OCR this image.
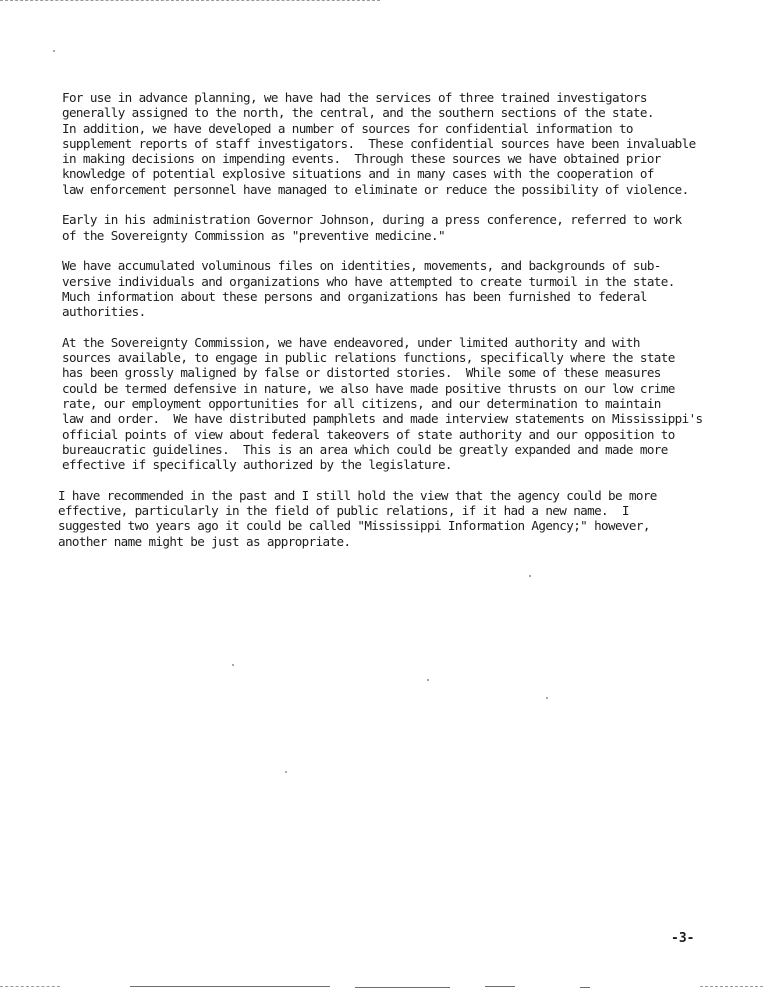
For use in advance planning, we have had the services of three trained investigators
generally assigned to the north, the central, and the southern sections of the state.
In addition, we have developed a number of sources for confidential information to
supplement reports of staff investigators.  These confidential sources have been invaluable
in making decisions on impending events.  Through these sources we have obtained prior
knowledge of potential explosive situations and in many cases with the cooperation of
law enforcement personnel have managed to eliminate or reduce the possibility of violence.

Early in his administration Governor Johnson, during a press conference, referred to work
of the Sovereignty Commission as "preventive medicine."

We have accumulated voluminous files on identities, movements, and backgrounds of sub-
versive individuals and organizations who have attempted to create turmoil in the state.
Much information about these persons and organizations has been furnished to federal
authorities.

At the Sovereignty Commission, we have endeavored, under limited authority and with
sources available, to engage in public relations functions, specifically where the state
has been grossly maligned by false or distorted stories.  While some of these measures
could be termed defensive in nature, we also have made positive thrusts on our low crime
rate, our employment opportunities for all citizens, and our determination to maintain
law and order.  We have distributed pamphlets and made interview statements on Mississippi's
official points of view about federal takeovers of state authority and our opposition to
bureaucratic guidelines.  This is an area which could be greatly expanded and made more
effective if specifically authorized by the legislature.

I have recommended in the past and I still hold the view that the agency could be more
effective, particularly in the field of public relations, if it had a new name.  I
suggested two years ago it could be called "Mississippi Information Agency;" however,
another name might be just as appropriate.

-3-
